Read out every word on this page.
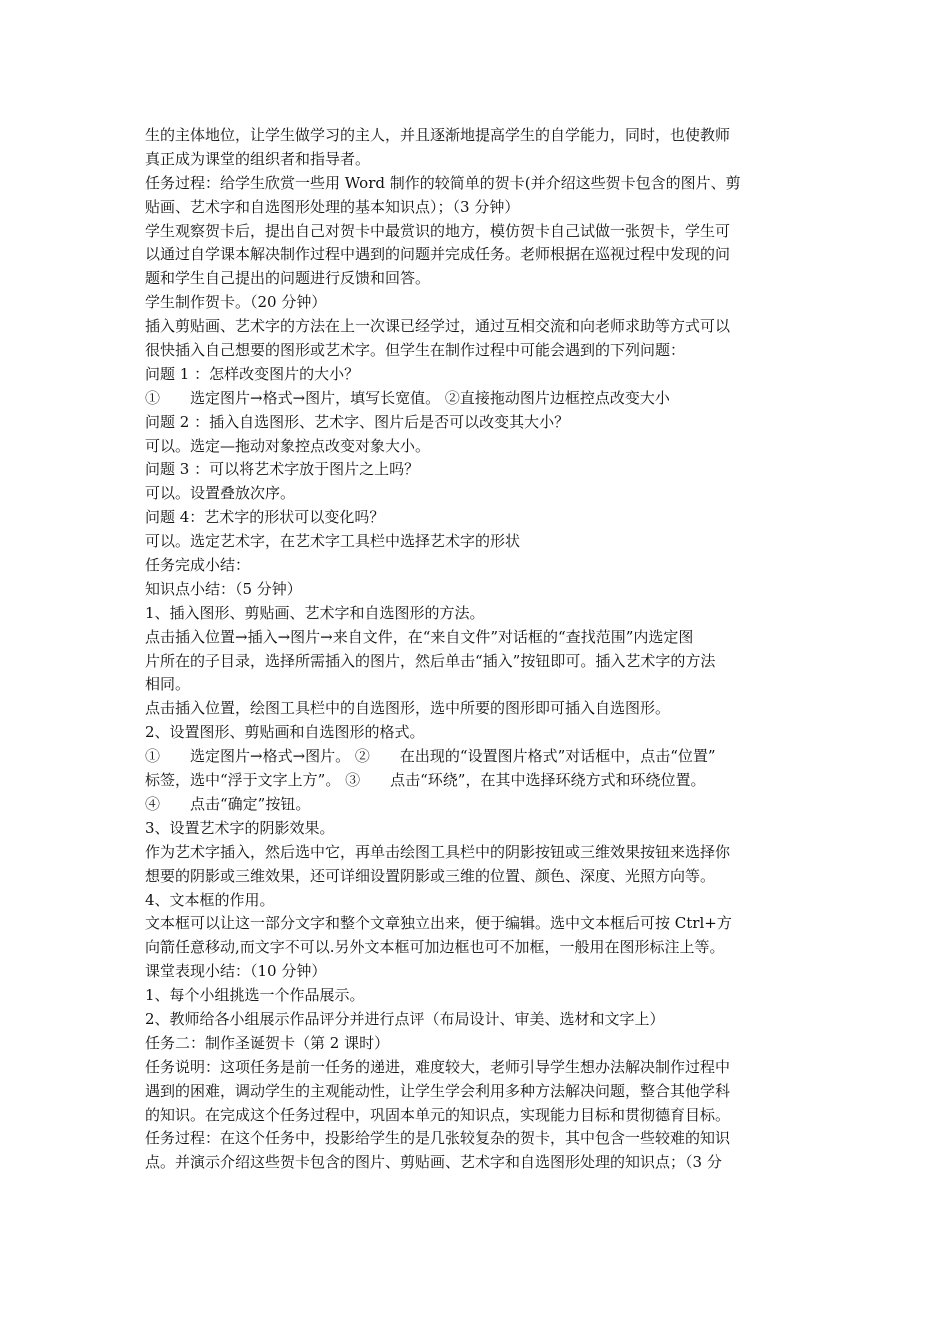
生的主体地位，让学生做学习的主人，并且逐渐地提高学生的自学能力，同时，也使教师
真正成为课堂的组织者和指导者。
任务过程：给学生欣赏一些用 Word 制作的较简单的贺卡(并介绍这些贺卡包含的图片、剪
贴画、艺术字和自选图形处理的基本知识点）；（3 分钟）
学生观察贺卡后，提出自己对贺卡中最赏识的地方，模仿贺卡自己试做一张贺卡，学生可
以通过自学课本解决制作过程中遇到的问题并完成任务。老师根据在巡视过程中发现的问
题和学生自己提出的问题进行反馈和回答。
学生制作贺卡。（20 分钟）
插入剪贴画、艺术字的方法在上一次课已经学过，通过互相交流和向老师求助等方式可以
很快插入自己想要的图形或艺术字。但学生在制作过程中可能会遇到的下列问题：
问题 1 ：怎样改变图片的大小？
①　　选定图片→格式→图片，填写长宽值。 ②直接拖动图片边框控点改变大小
问题 2 ：插入自选图形、艺术字、图片后是否可以改变其大小？
可以。选定—拖动对象控点改变对象大小。
问题 3 ：可以将艺术字放于图片之上吗？
可以。设置叠放次序。
问题 4：艺术字的形状可以变化吗？
可以。选定艺术字，在艺术字工具栏中选择艺术字的形状
任务完成小结：
知识点小结：（5 分钟）
1、插入图形、剪贴画、艺术字和自选图形的方法。
点击插入位置→插入→图片→来自文件，在“来自文件”对话框的“查找范围”内选定图
片所在的子目录，选择所需插入的图片，然后单击“插入”按钮即可。插入艺术字的方法
相同。
点击插入位置，绘图工具栏中的自选图形，选中所要的图形即可插入自选图形。
2、设置图形、剪贴画和自选图形的格式。
①　　选定图片→格式→图片。 ②　　在出现的“设置图片格式”对话框中，点击“位置”
标签，选中“浮于文字上方”。 ③　　点击“环绕”，在其中选择环绕方式和环绕位置。
④　　点击“确定”按钮。
3、设置艺术字的阴影效果。
作为艺术字插入，然后选中它，再单击绘图工具栏中的阴影按钮或三维效果按钮来选择你
想要的阴影或三维效果，还可详细设置阴影或三维的位置、颜色、深度、光照方向等。
4、文本框的作用。
文本框可以让这一部分文字和整个文章独立出来，便于编辑。选中文本框后可按 Ctrl+方
向箭任意移动,而文字不可以.另外文本框可加边框也可不加框，一般用在图形标注上等。
课堂表现小结：（10 分钟）
1、每个小组挑选一个作品展示。
2、教师给各小组展示作品评分并进行点评（布局设计、审美、选材和文字上）
任务二：制作圣诞贺卡（第 2 课时）
任务说明：这项任务是前一任务的递进，难度较大，老师引导学生想办法解决制作过程中
遇到的困难，调动学生的主观能动性，让学生学会利用多种方法解决问题，整合其他学科
的知识。在完成这个任务过程中，巩固本单元的知识点，实现能力目标和贯彻德育目标。
任务过程：在这个任务中，投影给学生的是几张较复杂的贺卡，其中包含一些较难的知识
点。并演示介绍这些贺卡包含的图片、剪贴画、艺术字和自选图形处理的知识点；（3 分
